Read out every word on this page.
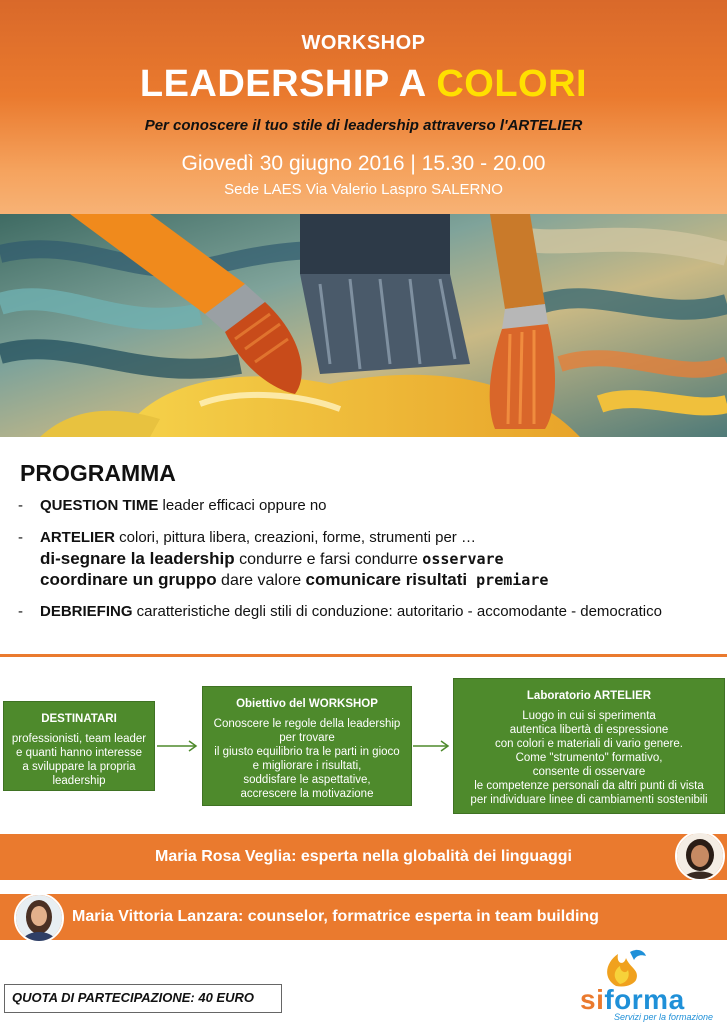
WORKSHOP
LEADERSHIP A COLORI
Per conoscere il tuo stile di leadership attraverso l'ARTELIER
Giovedì 30 giugno 2016 | 15.30 - 20.00
Sede LAES Via Valerio Laspro SALERNO
PROGRAMMA
- QUESTION TIME leader efficaci oppure no
- ARTELIER colori, pittura libera, creazioni, forme, strumenti per …
di-segnare la leadership condurre e farsi condurre osservare
coordinare un gruppo dare valore comunicare risultati premiare
- DEBRIEFING caratteristiche degli stili di conduzione: autoritario - accomodante - democratico
DESTINATARI
professionisti, team leader
e quanti hanno interesse
a sviluppare la propria
leadership
Obiettivo del WORKSHOP
Conoscere le regole della leadership
per trovare
il giusto equilibrio tra le parti in gioco
e migliorare i risultati,
soddisfare le aspettative,
accrescere la motivazione
Laboratorio ARTELIER
Luogo in cui si sperimenta
autentica libertà di espressione
con colori e materiali di vario genere.
Come "strumento" formativo,
consente di osservare
le competenze personali da altri punti di vista
per individuare linee di cambiamenti sostenibili
Maria Rosa Veglia: esperta nella globalità dei linguaggi
Maria Vittoria Lanzara: counselor, formatrice esperta in team building
QUOTA DI PARTECIPAZIONE: 40 EURO	siforma
Servizi per la formazione
